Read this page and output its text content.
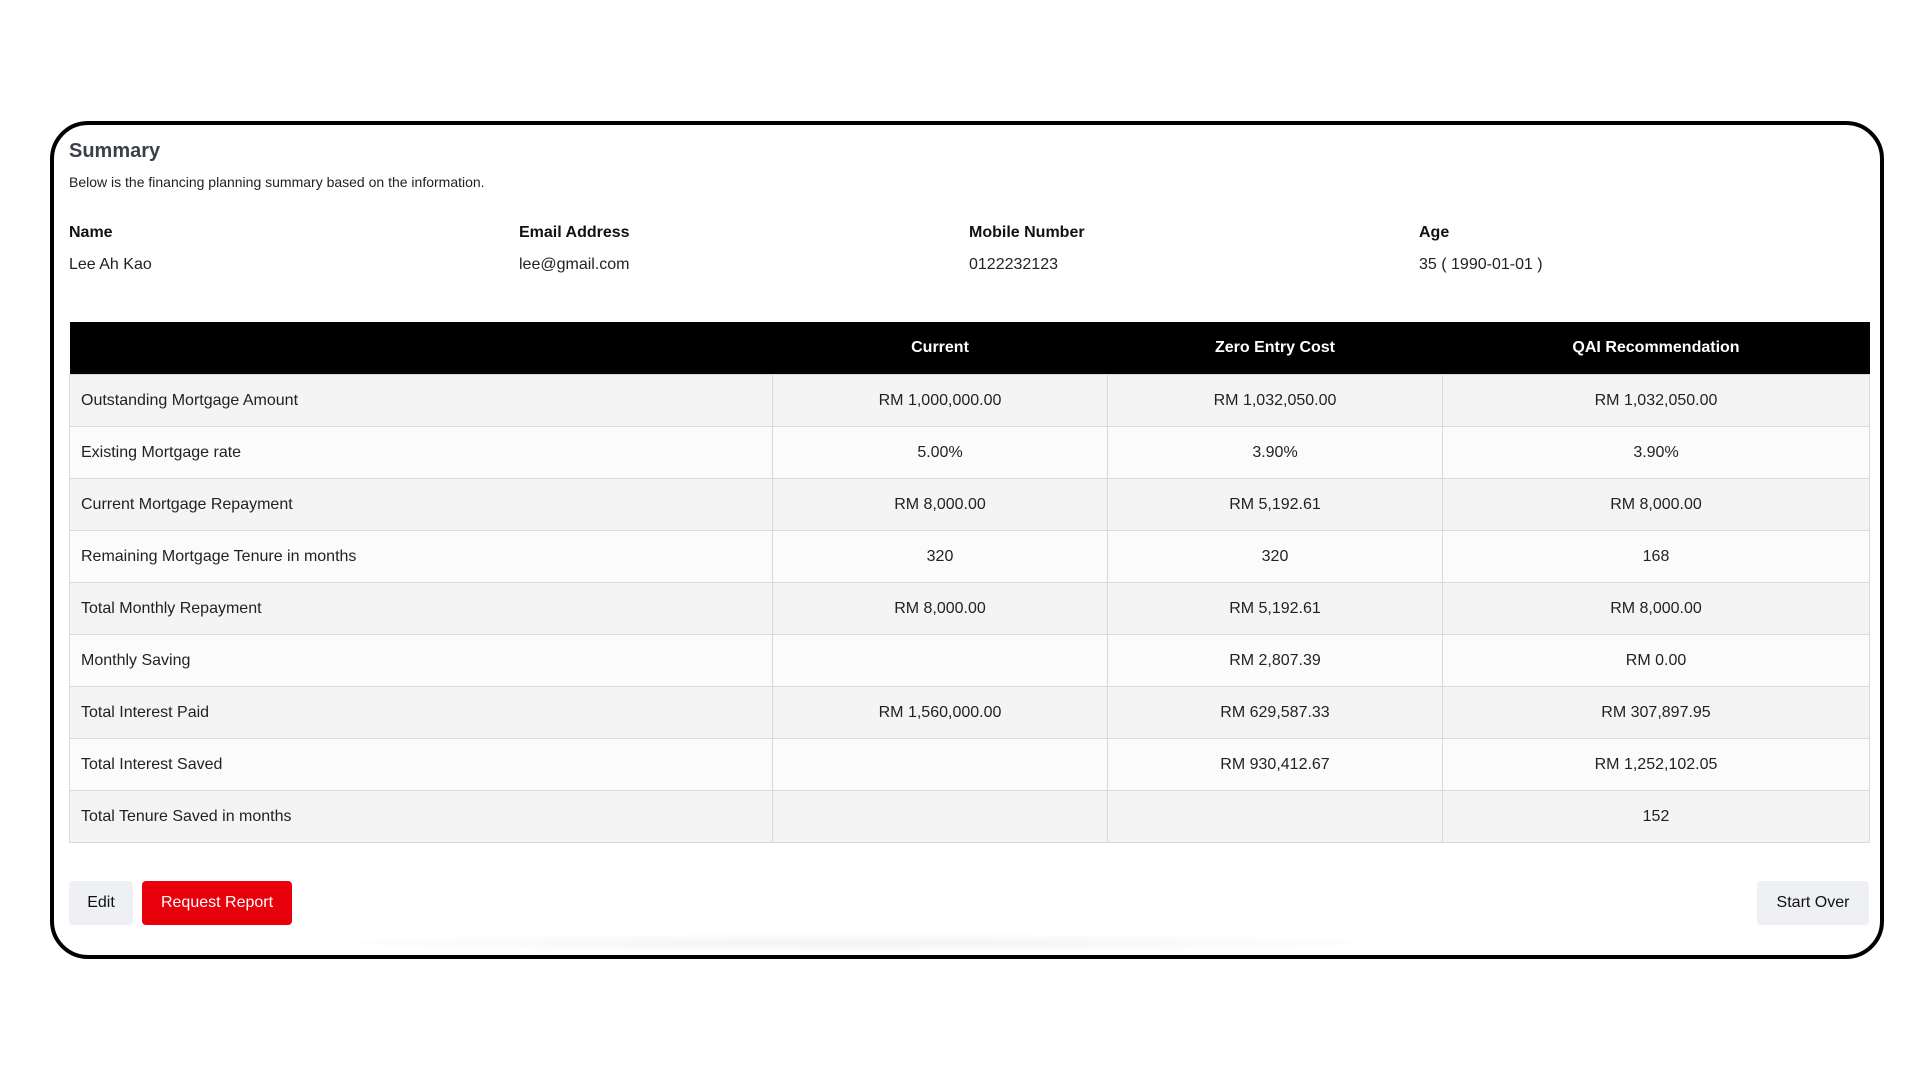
Summary

Below is the financing planning summary based on the information.

Name
Lee Ah Kao
Email Address
lee@gmail.com
Mobile Number
0122232123
Age
35 ( 1990-01-01 )
	Current	Zero Entry Cost	QAI Recommendation
Outstanding Mortgage Amount	RM 1,000,000.00	RM 1,032,050.00	RM 1,032,050.00
Existing Mortgage rate	5.00%	3.90%	3.90%
Current Mortgage Repayment	RM 8,000.00	RM 5,192.61	RM 8,000.00
Remaining Mortgage Tenure in months	320	320	168
Total Monthly Repayment	RM 8,000.00	RM 5,192.61	RM 8,000.00
Monthly Saving		RM 2,807.39	RM 0.00
Total Interest Paid	RM 1,560,000.00	RM 629,587.33	RM 307,897.95
Total Interest Saved		RM 930,412.67	RM 1,252,102.05
Total Tenure Saved in months			152
Edit	Request Report	Start Over
